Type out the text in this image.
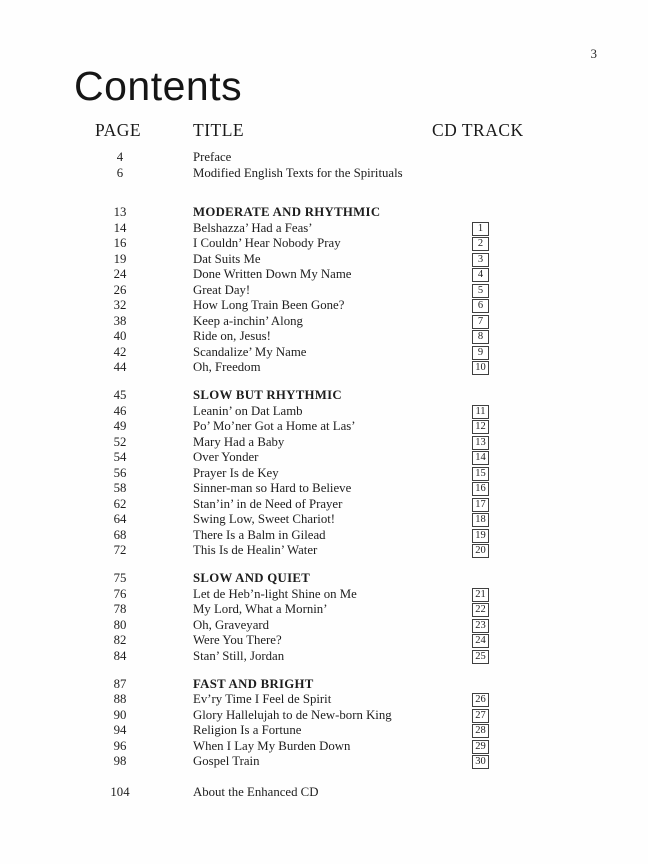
3
Contents
PAGE	TITLE	CD TRACK
4	Preface
6	Modified English Texts for the Spirituals
13	MODERATE AND RHYTHMIC
14	Belshazza’ Had a Feas’	1
16	I Couldn’ Hear Nobody Pray	2
19	Dat Suits Me	3
24	Done Written Down My Name	4
26	Great Day!	5
32	How Long Train Been Gone?	6
38	Keep a-inchin’ Along	7
40	Ride on, Jesus!	8
42	Scandalize’ My Name	9
44	Oh, Freedom	10
45	SLOW BUT RHYTHMIC
46	Leanin’ on Dat Lamb	11
49	Po’ Mo’ner Got a Home at Las’	12
52	Mary Had a Baby	13
54	Over Yonder	14
56	Prayer Is de Key	15
58	Sinner-man so Hard to Believe	16
62	Stan’in’ in de Need of Prayer	17
64	Swing Low, Sweet Chariot!	18
68	There Is a Balm in Gilead	19
72	This Is de Healin’ Water	20
75	SLOW AND QUIET
76	Let de Heb’n-light Shine on Me	21
78	My Lord, What a Mornin’	22
80	Oh, Graveyard	23
82	Were You There?	24
84	Stan’ Still, Jordan	25
87	FAST AND BRIGHT
88	Ev’ry Time I Feel de Spirit	26
90	Glory Hallelujah to de New-born King	27
94	Religion Is a Fortune	28
96	When I Lay My Burden Down	29
98	Gospel Train	30
104	About the Enhanced CD
